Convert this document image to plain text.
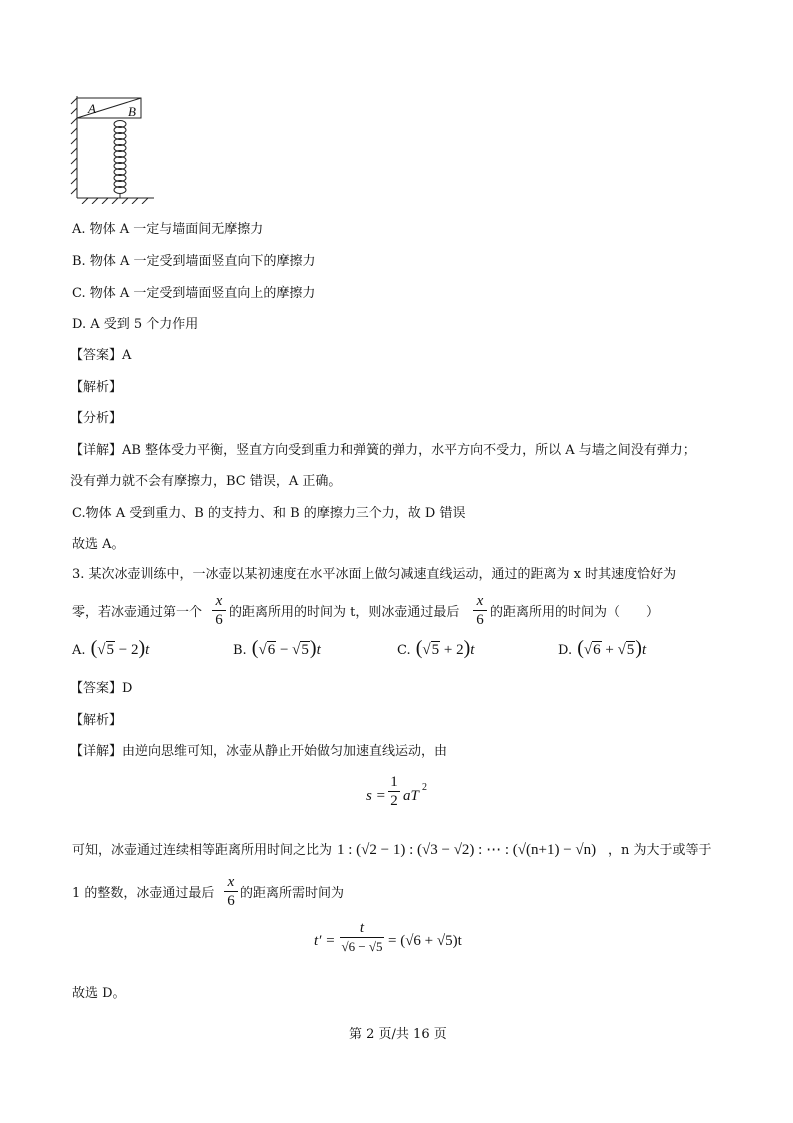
A B
A. 物体 A 一定与墙面间无摩擦力
B. 物体 A 一定受到墙面竖直向下的摩擦力
C. 物体 A 一定受到墙面竖直向上的摩擦力
D. A 受到 5 个力作用
【答案】A
【解析】
【分析】
【详解】AB 整体受力平衡，竖直方向受到重力和弹簧的弹力，水平方向不受力，所以 A 与墙之间没有弹力；
没有弹力就不会有摩擦力，BC 错误，A 正确。
C.物体 A 受到重力、B 的支持力、和 B 的摩擦力三个力，故 D 错误
故选 A。
3. 某次冰壶训练中，一冰壶以某初速度在水平冰面上做匀减速直线运动，通过的距离为 x 时其速度恰好为
零，若冰壶通过第一个
x
6 的距离所用的时间为 t，则冰壶通过最后
x
6 的距离所用的时间为（　　）
A. (√5 − 2)t	B. (√6 − √5)t	C. (√5 + 2)t	D. (√6 + √5)t
【答案】D
【解析】
【详解】由逆向思维可知，冰壶从静止开始做匀加速直线运动，由
s =
1
2 aT
2
可知，冰壶通过连续相等距离所用时间之比为 1 : (√2 − 1) : (√3 − √2) : ⋯ : (√(n+1) − √n) ，n 为大于或等于
1 的整数，冰壶通过最后
x
6 的距离所需时间为
t′ =
t
√6 − √5 = (√6 + √5)t
故选 D。
第 2 页/共 16 页
